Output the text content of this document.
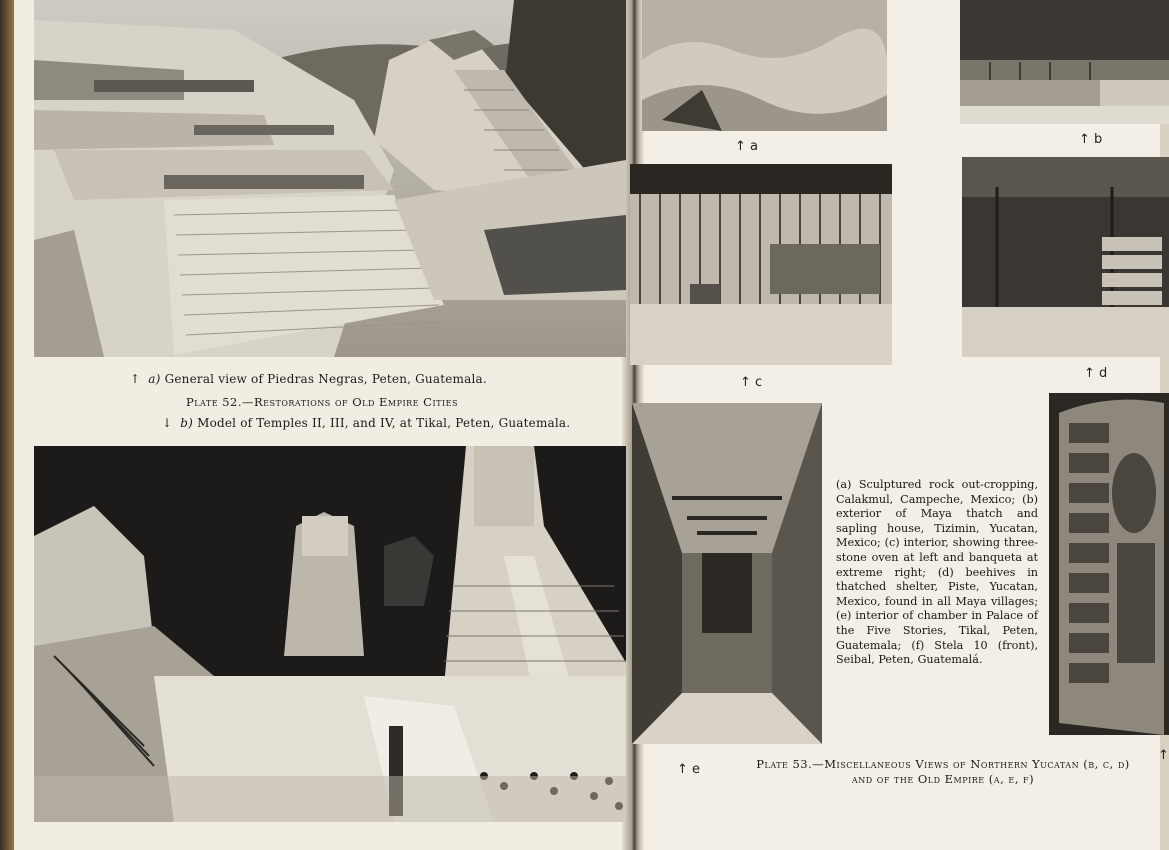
↑ a) General view of Piedras Negras, Peten, Guatemala.
Plate 52.—Restorations of Old Empire Cities
↓ b) Model of Temples II, III, and IV, at Tikal, Peten, Guatemala.
↑ a	↑ b
↑ c
↑ d
↑ e
↑
(a) Sculptured rock out-cropping, Calakmul, Campeche, Mexico; (b) exterior of Maya thatch and sapling house, Tizimin, Yucatan, Mexico; (c) interior, showing three-stone oven at left and banqueta at extreme right; (d) beehives in thatched shelter, Piste, Yucatan, Mexico, found in all Maya villages; (e) interior of chamber in Palace of the Five Stories, Tikal, Peten, Guatemala; (f) Stela 10 (front), Seibal, Peten, Guatemalá.
Plate 53.—Miscellaneous Views of Northern Yucatan (b, c, d)
and of the Old Empire (a, e, f)
